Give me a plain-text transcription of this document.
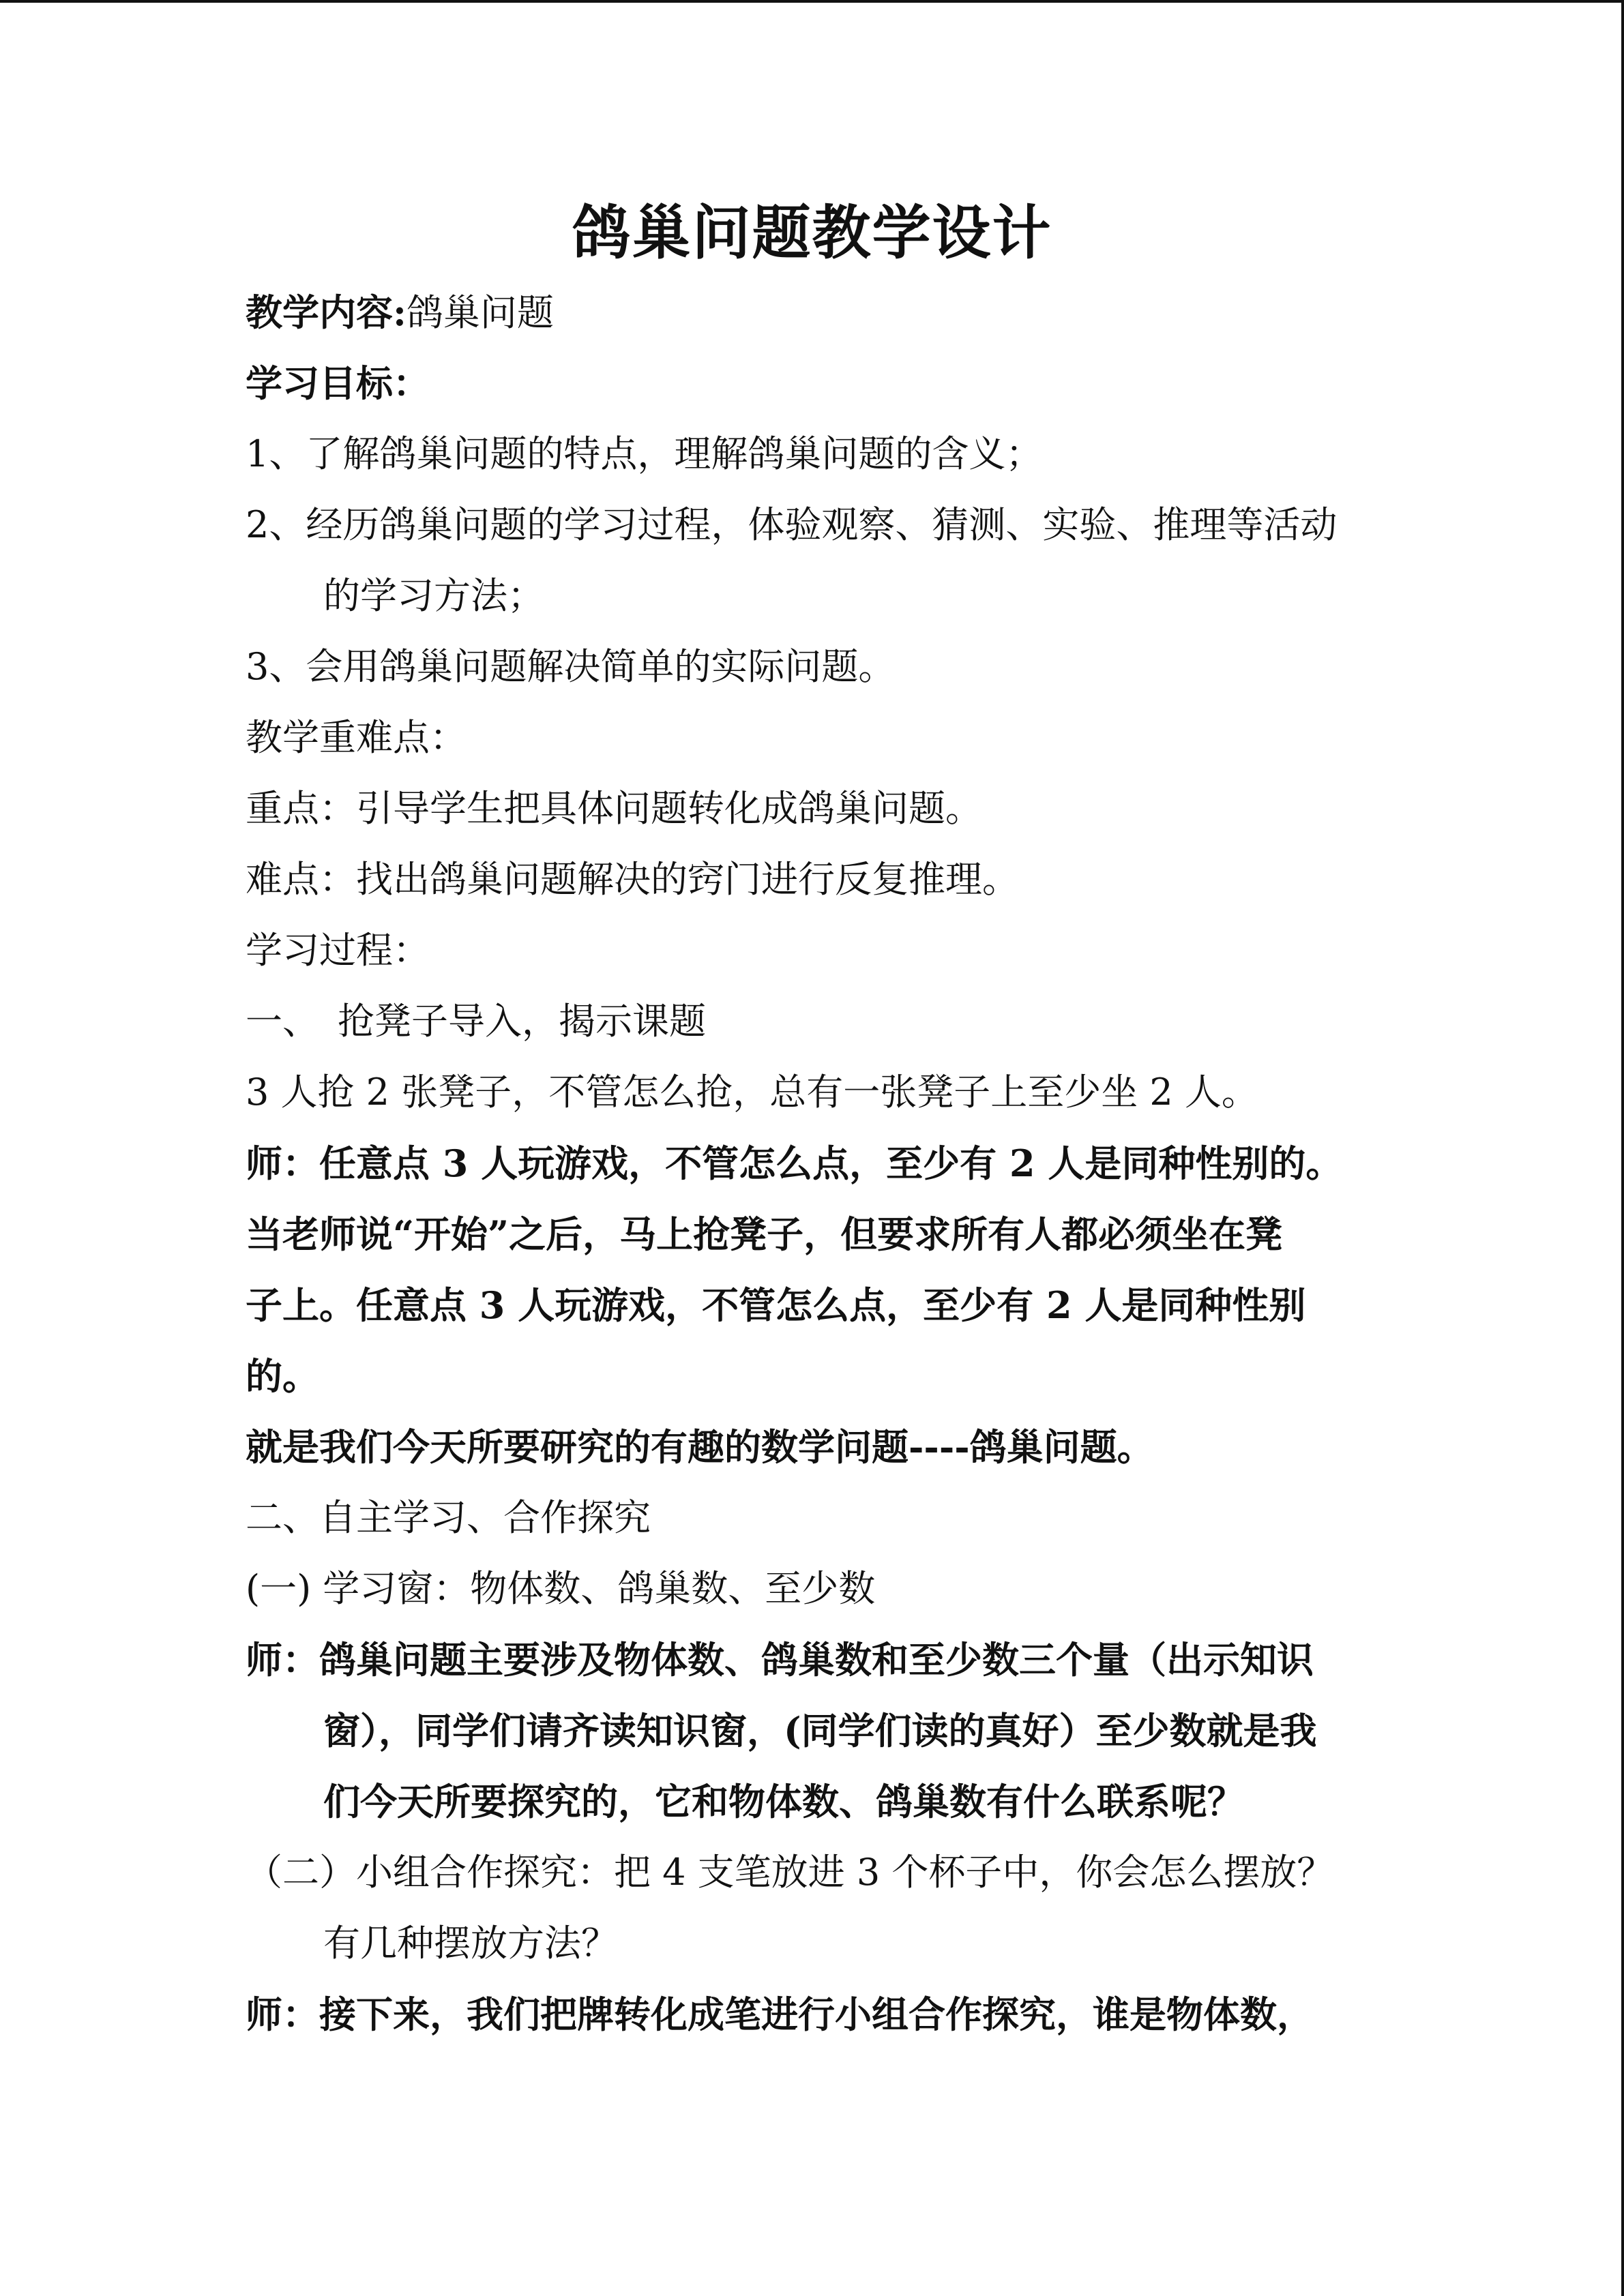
鸽巢问题教学设计
教学内容:鸽巢问题
学习目标：
1、了解鸽巢问题的特点，理解鸽巢问题的含义；
2、经历鸽巢问题的学习过程，体验观察、猜测、实验、推理等活动
的学习方法；
3、会用鸽巢问题解决简单的实际问题。
教学重难点：
重点：引导学生把具体问题转化成鸽巢问题。
难点：找出鸽巢问题解决的窍门进行反复推理。
学习过程：
一、　抢凳子导入，揭示课题
3 人抢 2 张凳子，不管怎么抢，总有一张凳子上至少坐 2 人。
师：任意点 3 人玩游戏，不管怎么点，至少有 2 人是同种性别的。
当老师说“开始”之后，马上抢凳子，但要求所有人都必须坐在凳
子上。任意点 3 人玩游戏，不管怎么点，至少有 2 人是同种性别
的。
就是我们今天所要研究的有趣的数学问题----鸽巢问题。
二、自主学习、合作探究
(一) 学习窗：物体数、鸽巢数、至少数
师：鸽巢问题主要涉及物体数、鸽巢数和至少数三个量（出示知识
窗），同学们请齐读知识窗，(同学们读的真好）至少数就是我
们今天所要探究的，它和物体数、鸽巢数有什么联系呢？
（二）小组合作探究：把 4 支笔放进 3 个杯子中，你会怎么摆放？
有几种摆放方法？
师：接下来，我们把牌转化成笔进行小组合作探究，谁是物体数，
